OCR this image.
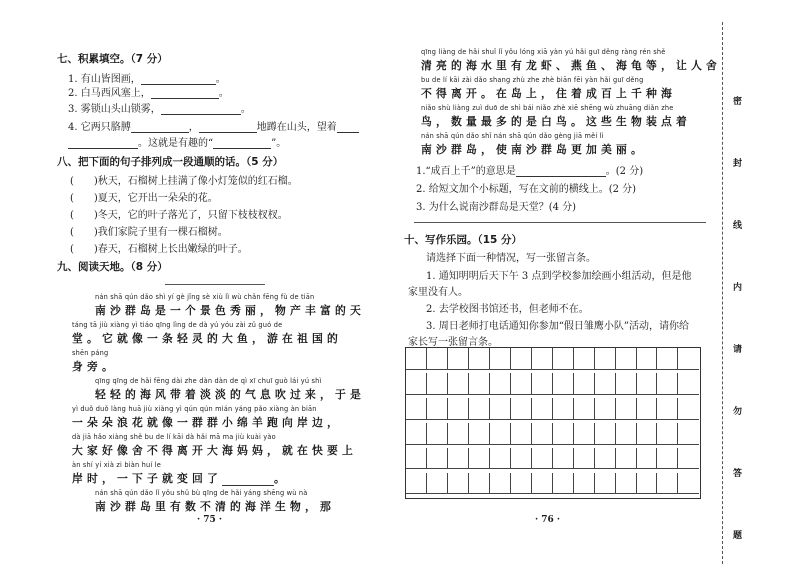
七、积累填空。（7 分）
1. 有山皆图画，	。
2. 白马西风塞上，	。
3. 雾锁山头山锁雾，	。
4. 它两只胳膊	，	地蹲在山头，望着
。这就是有趣的“	”。
八、把下面的句子排列成一段通顺的话。（5 分）
(　　)秋天，石榴树上挂满了像小灯笼似的红石榴。
(　　)夏天，它开出一朵朵的花。
(　　)冬天，它的叶子落光了，只留下枝枝杈杈。
(　　)我们家院子里有一棵石榴树。
(　　)春天，石榴树上长出嫩绿的叶子。
九、阅读天地。（8 分）
nán shā qún dǎo shì yí gè jǐng sè xiù lì wù chǎn fēng fù de tiān
南沙群岛是一个景色秀丽，物产丰富的天
táng tā jiù xiàng yì tiáo qīng lìng de dà yú yóu zài zǔ guó de
堂。它就像一条轻灵的大鱼，游在祖国的
shēn páng
身旁。
qīng qīng de hǎi fēng dài zhe dàn dàn de qì xī chuī guò lái yú shì
轻轻的海风带着淡淡的气息吹过来，于是
yì duǒ duǒ làng huā jiù xiàng yì qún qún mián yáng pǎo xiàng àn biān
一朵朵浪花就像一群群小绵羊跑向岸边，
dà jiā hǎo xiàng shě bu de lí kāi dà hǎi mā ma jiù kuài yào
大家好像舍不得离开大海妈妈，就在快要上
àn shí yí xià zi biàn huí le
岸时，一下子就变回了	。
nán shā qún dǎo lǐ yǒu shǔ bù qīng de hǎi yáng shēng wù nà
南沙群岛里有数不清的海洋生物，那
· 75 ·
qīng liàng de hǎi shuǐ lǐ yǒu lóng xiā yàn yú hǎi guī děng ràng rén shě
清亮的海水里有龙虾、燕鱼、海龟等，让人舍
bu de lí kāi zài dǎo shang zhù zhe zhè biān fēi yàn hǎi guī děng
不得离开。在岛上，住着成百上千种海
niǎo shù liàng zuì duō de shì bái niǎo zhè xiē shēng wù zhuāng diǎn zhe
鸟，数量最多的是白鸟。这些生物装点着
nán shā qún dǎo shǐ nán shā qún dǎo gèng jiā měi lì
南沙群岛，使南沙群岛更加美丽。
1.“成百上千”的意思是	。(2 分)
2. 给短文加个小标题，写在文前的横线上。(2 分)
3. 为什么说南沙群岛是天堂？(4 分)
十、写作乐园。（15 分）
请选择下面一种情况，写一张留言条。
1. 通知明明后天下午 3 点到学校参加绘画小组活动，但是他
家里没有人。
2. 去学校图书馆还书，但老师不在。
3. 周日老师打电话通知你参加“假日雏鹰小队”活动，请你给
家长写一张留言条。
· 76 ·
密
封
线
内
请
勿
答
题
